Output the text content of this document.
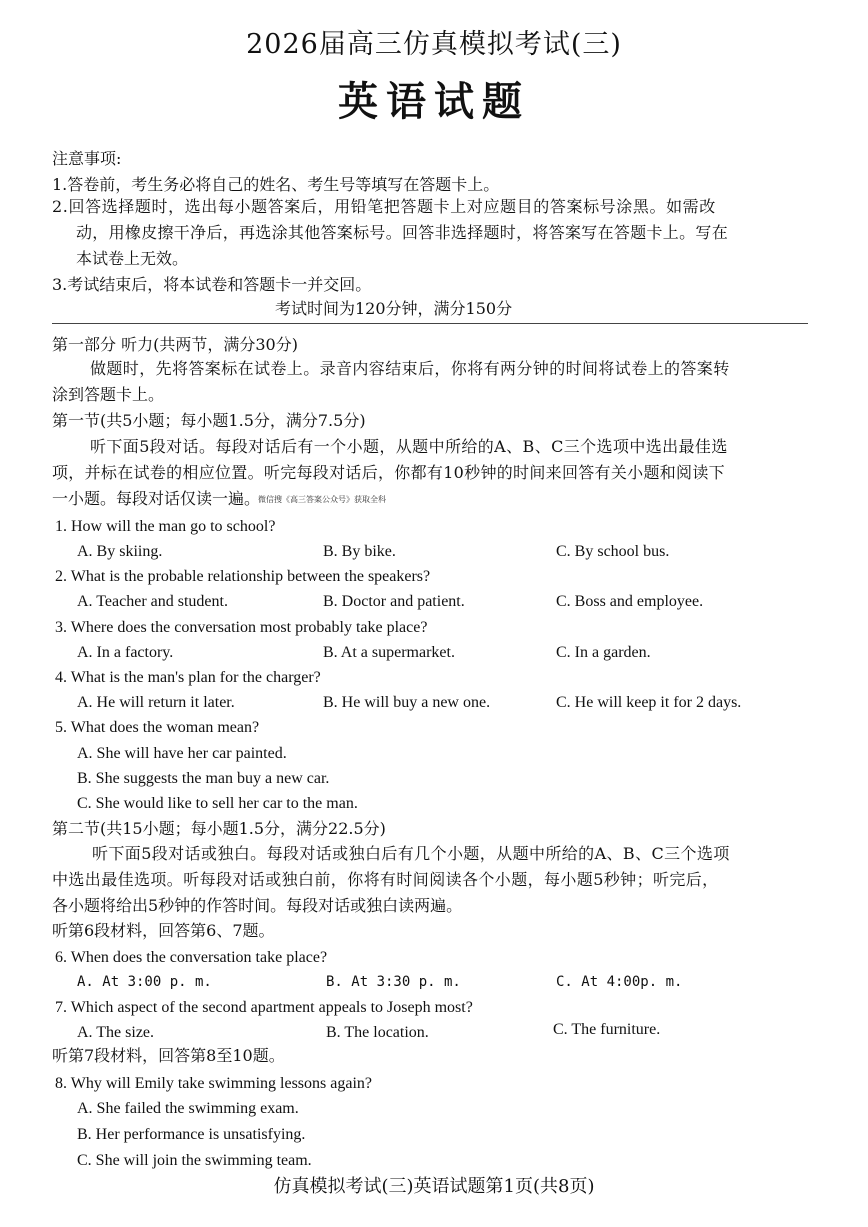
2026届高三仿真模拟考试(三)
英语试题
注意事项:
1.答卷前，考生务必将自己的姓名、考生号等填写在答题卡上。
2.回答选择题时，选出每小题答案后，用铅笔把答题卡上对应题目的答案标号涂黑。如需改
动，用橡皮擦干净后，再选涂其他答案标号。回答非选择题时，将答案写在答题卡上。写在
本试卷上无效。
3.考试结束后，将本试卷和答题卡一并交回。
考试时间为120分钟，满分150分
第一部分 听力(共两节，满分30分)
做题时，先将答案标在试卷上。录音内容结束后，你将有两分钟的时间将试卷上的答案转
涂到答题卡上。
第一节(共5小题；每小题1.5分，满分7.5分)
听下面5段对话。每段对话后有一个小题，从题中所给的A、B、C三个选项中选出最佳选
项，并标在试卷的相应位置。听完每段对话后，你都有10秒钟的时间来回答有关小题和阅读下
一小题。每段对话仅读一遍。
微信搜《高三答案公众号》获取全科
1. How will the man go to school?
A. By skiing.	B. By bike.	C. By school bus.
2. What is the probable relationship between the speakers?
A. Teacher and student.	B. Doctor and patient.	C. Boss and employee.
3. Where does the conversation most probably take place?
A. In a factory.	B. At a supermarket.	C. In a garden.
4. What is the man's plan for the charger?
A. He will return it later.	B. He will buy a new one.	C. He will keep it for 2 days.
5. What does the woman mean?
A. She will have her car painted.
B. She suggests the man buy a new car.
C. She would like to sell her car to the man.
第二节(共15小题；每小题1.5分，满分22.5分)
听下面5段对话或独白。每段对话或独白后有几个小题，从题中所给的A、B、C三个选项
中选出最佳选项。听每段对话或独白前，你将有时间阅读各个小题，每小题5秒钟；听完后，
各小题将给出5秒钟的作答时间。每段对话或独白读两遍。
听第6段材料，回答第6、7题。
6. When does the conversation take place?
A. At 3:00 p. m.	B. At 3:30 p. m.	C. At 4:00p. m.
7. Which aspect of the second apartment appeals to Joseph most?
A. The size.	B. The location.	C. The furniture.
听第7段材料，回答第8至10题。
8. Why will Emily take swimming lessons again?
A. She failed the swimming exam.
B. Her performance is unsatisfying.
C. She will join the swimming team.
仿真模拟考试(三)英语试题第1页(共8页)
